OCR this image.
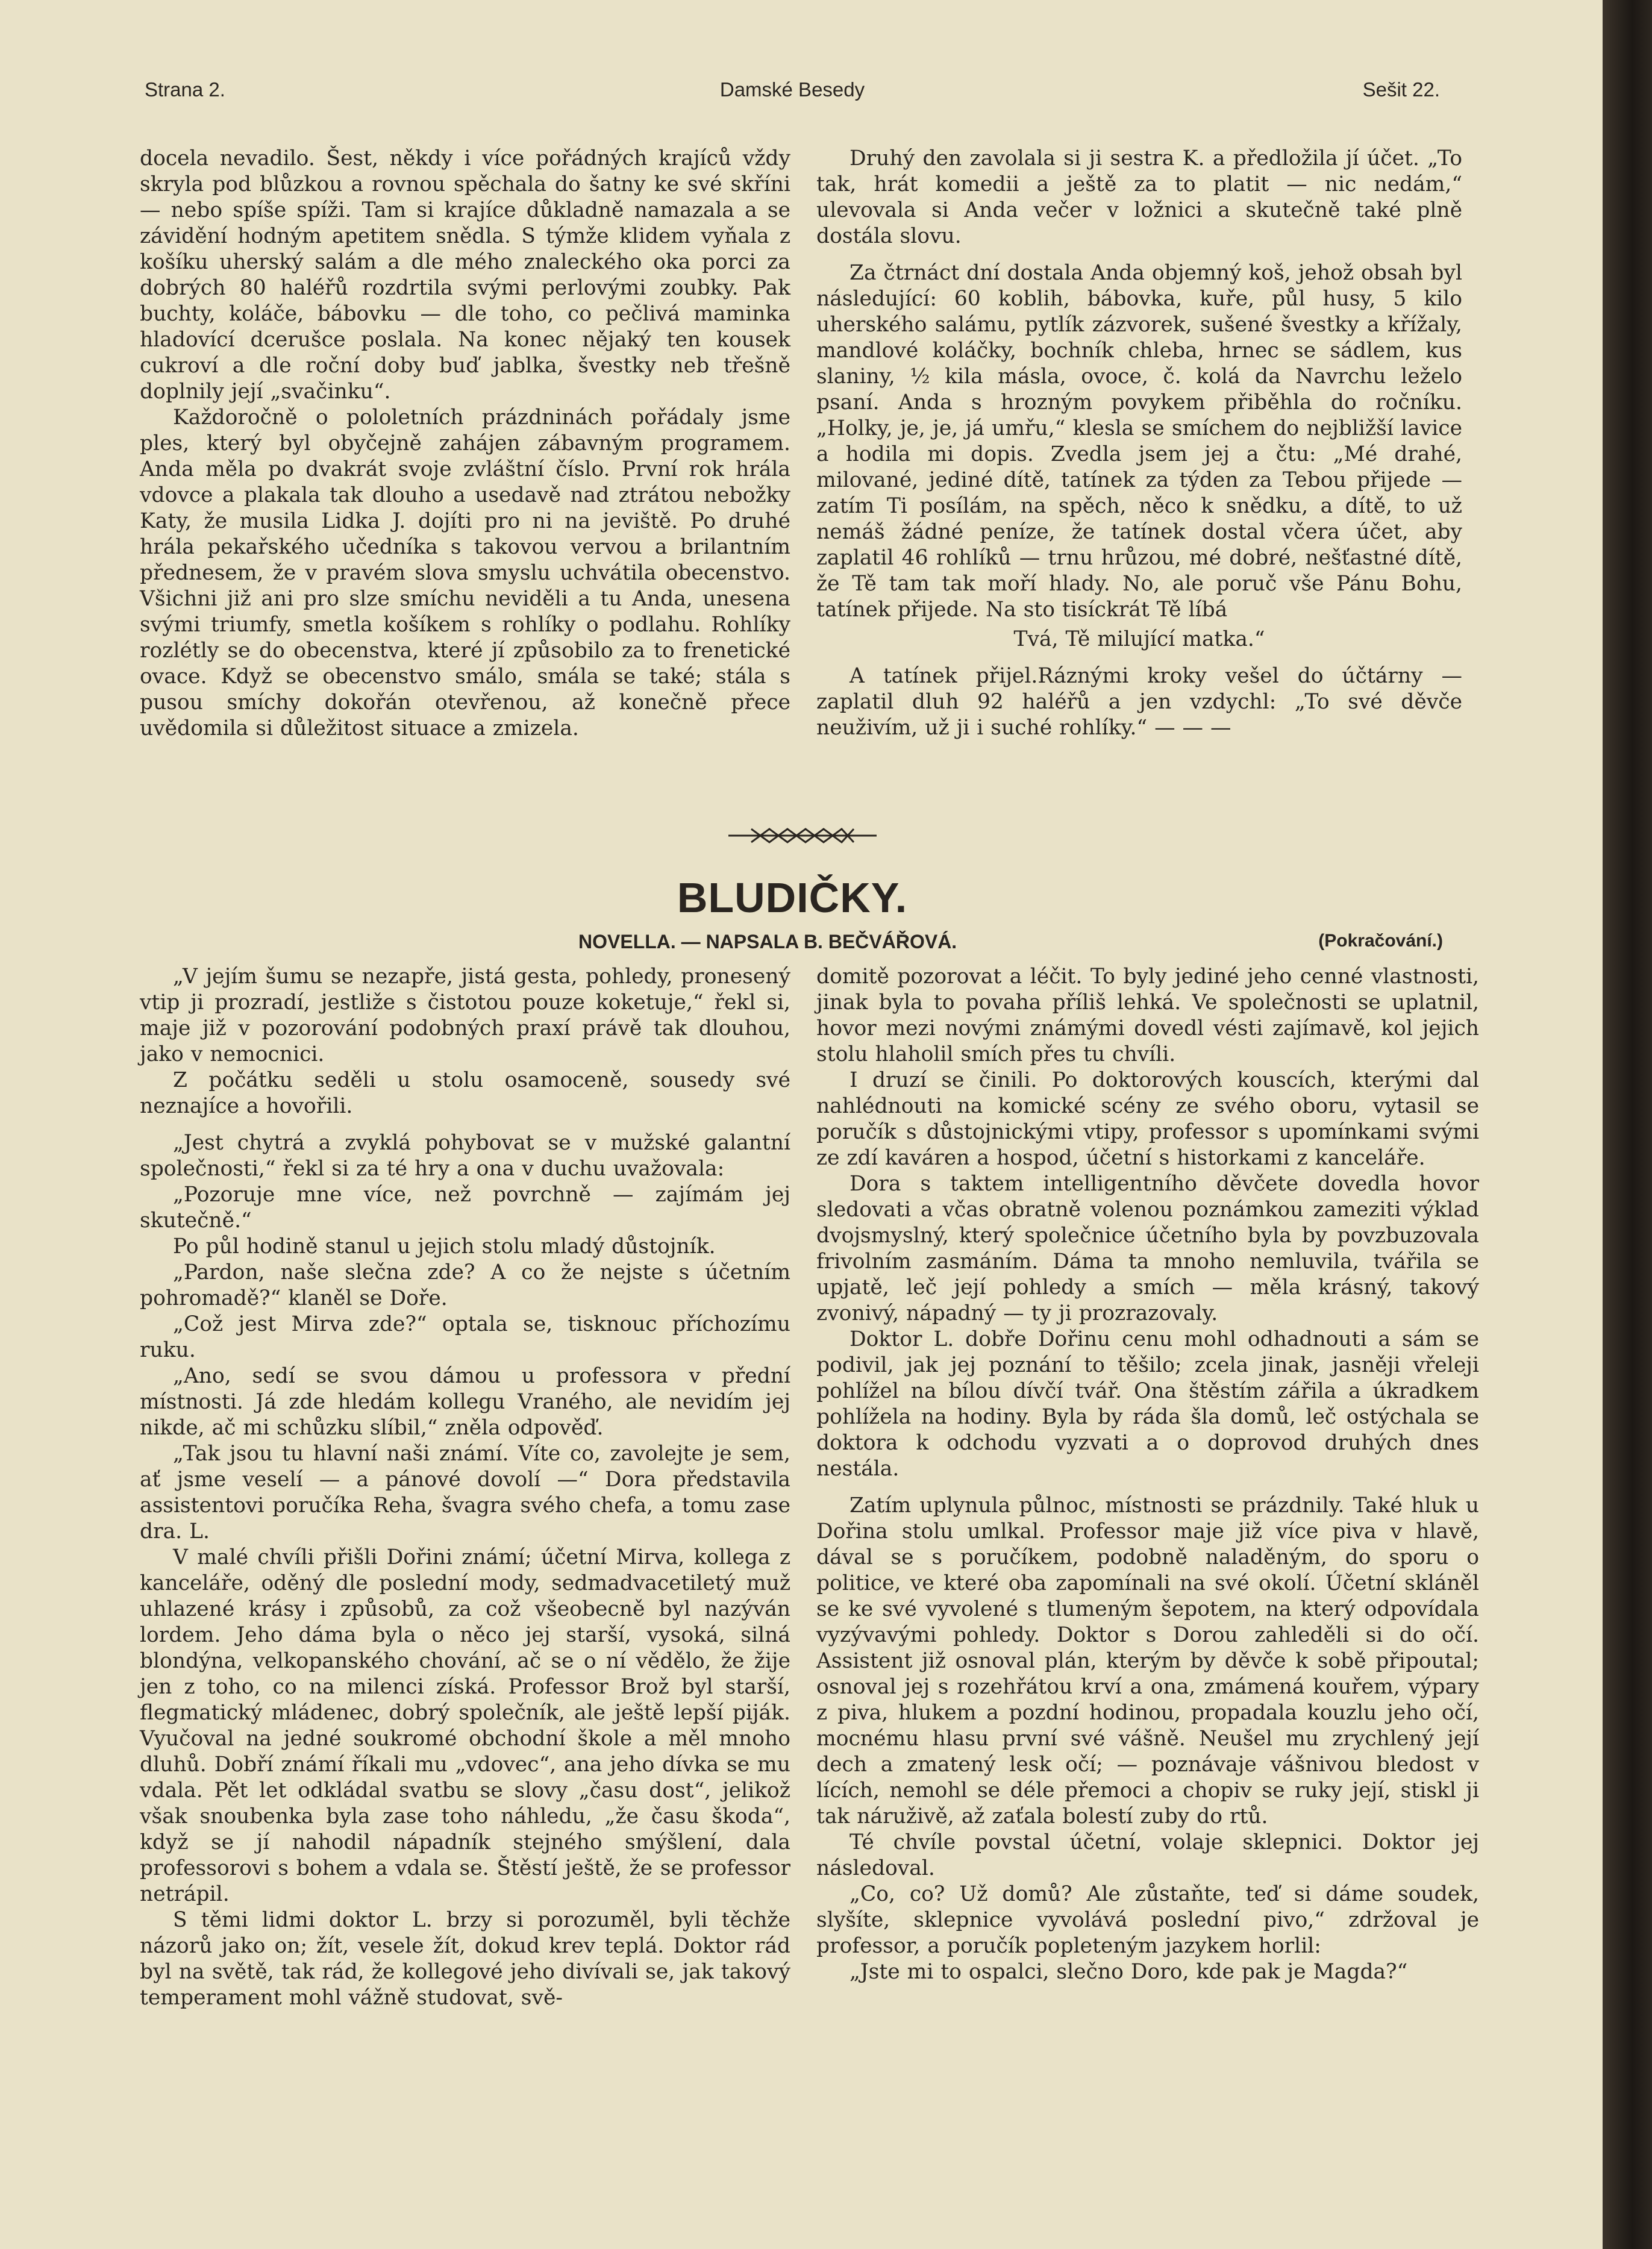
Strana 2.	Damské Besedy	Sešit 22.

docela nevadilo. Šest, někdy i více pořádných krajíců vždy skryla pod blůzkou a rovnou spěchala do šatny ke své skříni — nebo spíše spíži. Tam si krajíce důkladně namazala a se závidění hodným apetitem snědla. S týmže klidem vyňala z košíku uherský salám a dle mého znaleckého oka porci za dobrých 80 haléřů rozdrtila svými perlovými zoubky. Pak buchty, koláče, bábovku — dle toho, co pečlivá maminka hladovící dcerušce poslala. Na konec nějaký ten kousek cukroví a dle roční doby buď jablka, švestky neb třešně doplnily její „svačinku“.

Každoročně o pololetních prázdninách pořádaly jsme ples, který byl obyčejně zahájen zábavným programem. Anda měla po dvakrát svoje zvláštní číslo. První rok hrála vdovce a plakala tak dlouho a usedavě nad ztrátou nebožky Katy, že musila Lidka J. dojíti pro ni na jeviště. Po druhé hrála pekařského učedníka s takovou vervou a brilantním přednesem, že v pravém slova smyslu uchvátila obecenstvo. Všichni již ani pro slze smíchu neviděli a tu Anda, unesena svými triumfy, smetla košíkem s rohlíky o podlahu. Rohlíky rozlétly se do obecenstva, které jí způsobilo za to frenetické ovace. Když se obecenstvo smálo, smála se také; stála s pusou smíchy dokořán otevřenou, až konečně přece uvědomila si důležitost situace a zmizela.

Druhý den zavolala si ji sestra K. a předložila jí účet. „To tak, hrát komedii a ještě za to platit — nic nedám,“ ulevovala si Anda večer v ložnici a skutečně také plně dostála slovu.

Za čtrnáct dní dostala Anda objemný koš, jehož obsah byl následující: 60 koblih, bábovka, kuře, půl husy, 5 kilo uherského salámu, pytlík zázvorek, sušené švestky a křížaly, mandlové koláčky, bochník chleba, hrnec se sádlem, kus slaniny, ½ kila másla, ovoce, č. kolá da Navrchu leželo psaní. Anda s hrozným povykem přiběhla do ročníku. „Holky, je, je, já umřu,“ klesla se smíchem do nejbližší lavice a hodila mi dopis. Zvedla jsem jej a čtu: „Mé drahé, milované, jediné dítě, tatínek za týden za Tebou přijede — zatím Ti posílám, na spěch, něco k snědku, a dítě, to už nemáš žádné peníze, že tatínek dostal včera účet, aby zaplatil 46 rohlíků — trnu hrůzou, mé dobré, nešťastné dítě, že Tě tam tak moří hlady. No, ale poruč vše Pánu Bohu, tatínek přijede. Na sto tisíckrát Tě líbá

Tvá, Tě milující matka.“

A tatínek přijel.Ráznými kroky vešel do účtárny — zaplatil dluh 92 haléřů a jen vzdychl: „To své děvče neuživím, už ji i suché rohlíky.“ — — —

BLUDIČKY.
NOVELLA. — NAPSALA B. BEČVÁŘOVÁ.	(Pokračování.)

„V jejím šumu se nezapře, jistá gesta, pohledy, pronesený vtip ji prozradí, jestliže s čistotou pouze koketuje,“ řekl si, maje již v pozorování podobných praxí právě tak dlouhou, jako v nemocnici.

Z počátku seděli u stolu osamoceně, sousedy své neznajíce a hovořili.

„Jest chytrá a zvyklá pohybovat se v mužské galantní společnosti,“ řekl si za té hry a ona v duchu uvažovala:

„Pozoruje mne více, než povrchně — zajímám jej skutečně.“

Po půl hodině stanul u jejich stolu mladý důstojník.

„Pardon, naše slečna zde? A co že nejste s účetním pohromadě?“ klaněl se Doře.

„Což jest Mirva zde?“ optala se, tisknouc příchozímu ruku.

„Ano, sedí se svou dámou u professora v přední místnosti. Já zde hledám kollegu Vraného, ale nevidím jej nikde, ač mi schůzku slíbil,“ zněla odpověď.

„Tak jsou tu hlavní naši známí. Víte co, zavolejte je sem, ať jsme veselí — a pánové dovolí —“ Dora představila assistentovi poručíka Reha, švagra svého chefa, a tomu zase dra. L.

V malé chvíli přišli Dořini známí; účetní Mirva, kollega z kanceláře, oděný dle poslední mody, sedmadvacetiletý muž uhlazené krásy i způsobů, za což všeobecně byl nazýván lordem. Jeho dáma byla o něco jej starší, vysoká, silná blondýna, velkopanského chování, ač se o ní vědělo, že žije jen z toho, co na milenci získá. Professor Brož byl starší, flegmatický mládenec, dobrý společník, ale ještě lepší piják. Vyučoval na jedné soukromé obchodní škole a měl mnoho dluhů. Dobří známí říkali mu „vdovec“, ana jeho dívka se mu vdala. Pět let odkládal svatbu se slovy „času dost“, jelikož však snoubenka byla zase toho náhledu, „že času škoda“, když se jí nahodil nápadník stejného smýšlení, dala professorovi s bohem a vdala se. Štěstí ještě, že se professor netrápil.

S těmi lidmi doktor L. brzy si porozuměl, byli těchže názorů jako on; žít, vesele žít, dokud krev teplá. Doktor rád byl na světě, tak rád, že kollegové jeho divívali se, jak takový temperament mohl vážně studovat, svě-

domitě pozorovat a léčit. To byly jediné jeho cenné vlastnosti, jinak byla to povaha příliš lehká. Ve společnosti se uplatnil, hovor mezi novými známými dovedl vésti zajímavě, kol jejich stolu hlaholil smích přes tu chvíli.

I druzí se činili. Po doktorových kouscích, kterými dal nahlédnouti na komické scény ze svého oboru, vytasil se poručík s důstojnickými vtipy, professor s upomínkami svými ze zdí kaváren a hospod, účetní s historkami z kanceláře.

Dora s taktem intelligentního děvčete dovedla hovor sledovati a včas obratně volenou poznámkou zameziti výklad dvojsmyslný, který společnice účetního byla by povzbuzovala frivolním zasmáním. Dáma ta mnoho nemluvila, tvářila se upjatě, leč její pohledy a smích — měla krásný, takový zvonivý, nápadný — ty ji prozrazovaly.

Doktor L. dobře Dořinu cenu mohl odhadnouti a sám se podivil, jak jej poznání to těšilo; zcela jinak, jasněji vřeleji pohlížel na bílou dívčí tvář. Ona štěstím zářila a úkradkem pohlížela na hodiny. Byla by ráda šla domů, leč ostýchala se doktora k odchodu vyzvati a o doprovod druhých dnes nestála.

Zatím uplynula půlnoc, místnosti se prázdnily. Také hluk u Dořina stolu umlkal. Professor maje již více piva v hlavě, dával se s poručíkem, podobně naladěným, do sporu o politice, ve které oba zapomínali na své okolí. Účetní skláněl se ke své vyvolené s tlumeným šepotem, na který odpovídala vyzývavými pohledy. Doktor s Dorou zahleděli si do očí. Assistent již osnoval plán, kterým by děvče k sobě připoutal; osnoval jej s rozehřátou krví a ona, zmámená kouřem, výpary z piva, hlukem a pozdní hodinou, propadala kouzlu jeho očí, mocnému hlasu první své vášně. Neušel mu zrychlený její dech a zmatený lesk očí; — poznávaje vášnivou bledost v lících, nemohl se déle přemoci a chopiv se ruky její, stiskl ji tak náruživě, až zaťala bolestí zuby do rtů.

Té chvíle povstal účetní, volaje sklepnici. Doktor jej následoval.

„Co, co? Už domů? Ale zůstaňte, teď si dáme soudek, slyšíte, sklepnice vyvolává poslední pivo,“ zdržoval je professor, a poručík popleteným jazykem horlil:

„Jste mi to ospalci, slečno Doro, kde pak je Magda?“
